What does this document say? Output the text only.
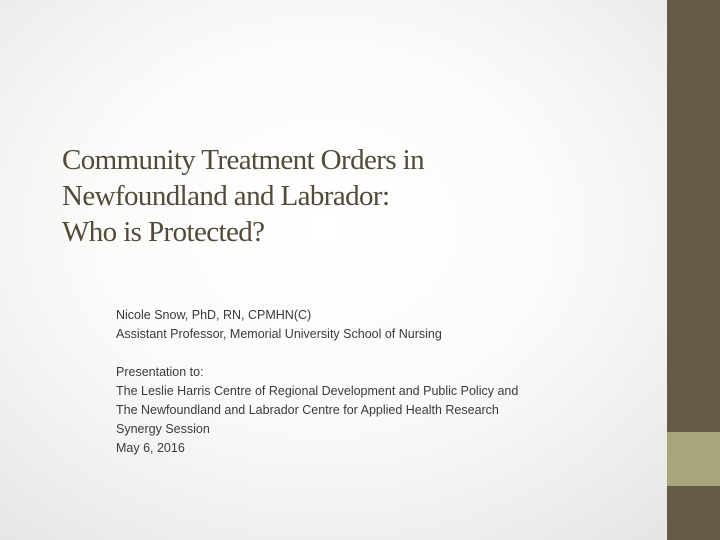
Community Treatment Orders in
Newfoundland and Labrador:
Who is Protected?
Nicole Snow, PhD, RN, CPMHN(C)
Assistant Professor, Memorial University School of Nursing
Presentation to:
The Leslie Harris Centre of Regional Development and Public Policy and
The Newfoundland and Labrador Centre for Applied Health Research
Synergy Session
May 6, 2016
